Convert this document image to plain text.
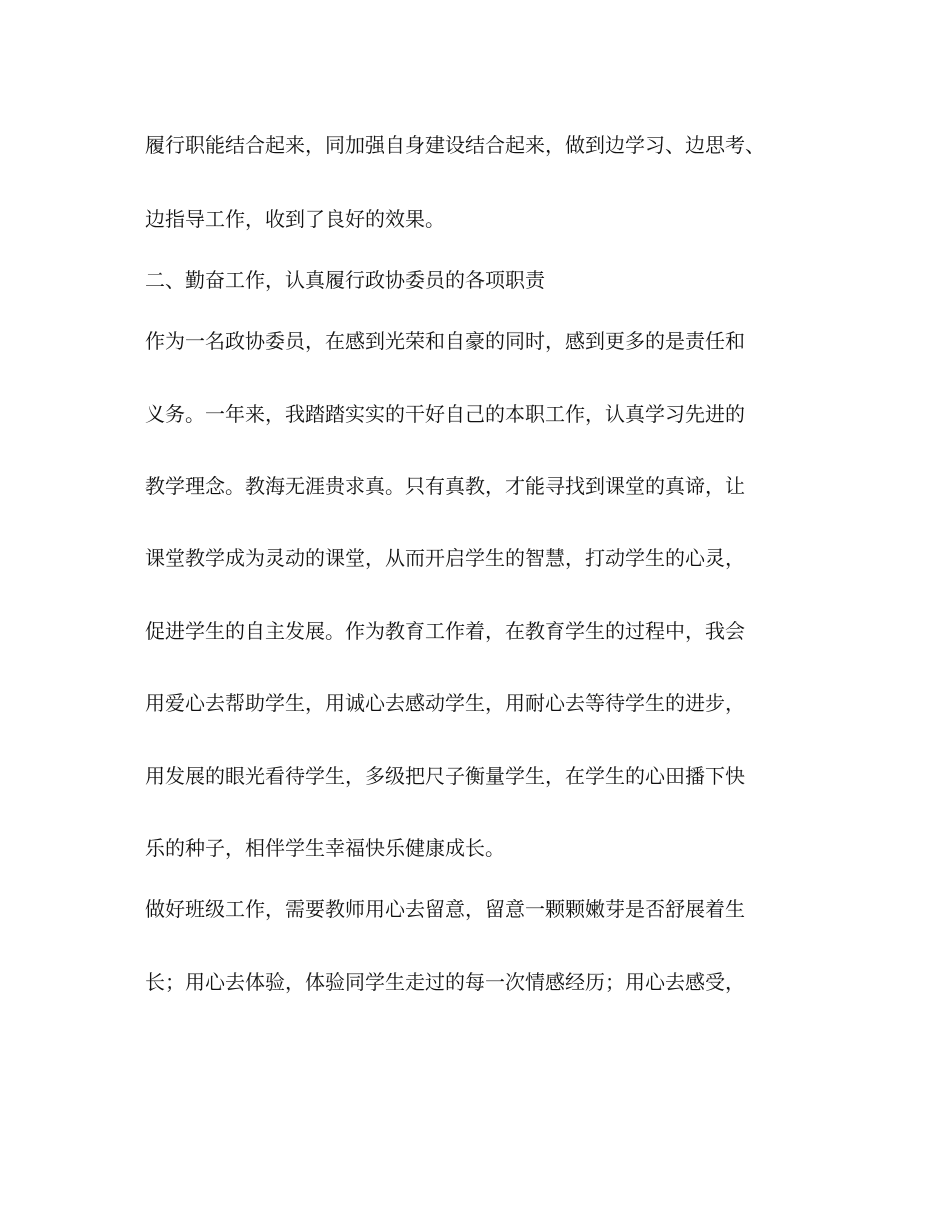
履行职能结合起来，同加强自身建设结合起来，做到边学习、边思考、
边指导工作，收到了良好的效果。
二、勤奋工作，认真履行政协委员的各项职责
作为一名政协委员，在感到光荣和自豪的同时，感到更多的是责任和
义务。一年来，我踏踏实实的干好自己的本职工作，认真学习先进的
教学理念。教海无涯贵求真。只有真教，才能寻找到课堂的真谛，让
课堂教学成为灵动的课堂，从而开启学生的智慧，打动学生的心灵，
促进学生的自主发展。作为教育工作着，在教育学生的过程中，我会
用爱心去帮助学生，用诚心去感动学生，用耐心去等待学生的进步，
用发展的眼光看待学生，多级把尺子衡量学生，在学生的心田播下快
乐的种子，相伴学生幸福快乐健康成长。
做好班级工作，需要教师用心去留意，留意一颗颗嫩芽是否舒展着生
长；用心去体验，体验同学生走过的每一次情感经历；用心去感受，
